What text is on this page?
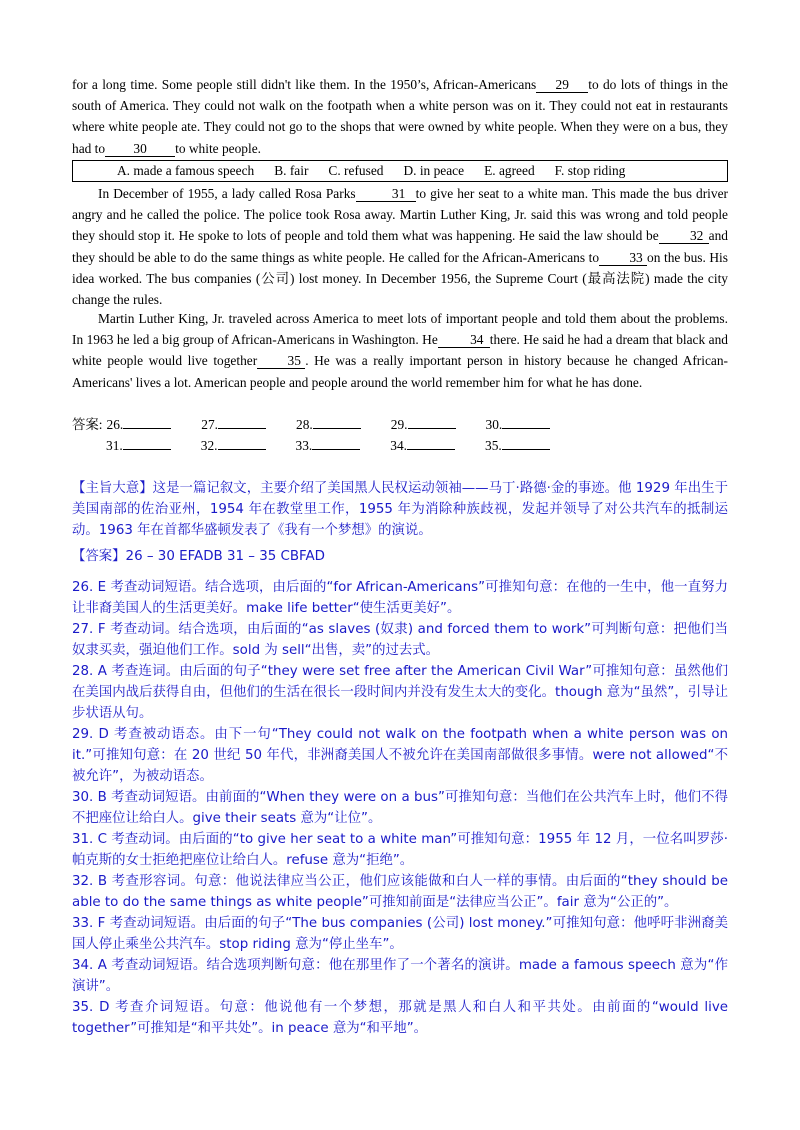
for a long time. Some people still didn't like them. In the 1950’s, African-Americans 29 to do lots of things in the south of America. They could not walk on the footpath when a white person was on it. They could not eat in restaurants where white people ate. They could not go to the shops that were owned by white people. When they were on a bus, they had to 30 to white people.

A. made a famous speech B. fair C. refused D. in peace E. agreed F. stop riding

In December of 1955, a lady called Rosa Parks	31 to give her seat to a white man. This made the bus driver angry and he called the police. The police took Rosa away. Martin Luther King, Jr. said this was wrong and told people they should stop it. He spoke to lots of people and told them what was happening. He said the law should be 32 and they should be able to do the same things as white people. He called for the African-Americans to 33 on the bus. His idea worked. The bus companies (公司) lost money. In December 1956, the Supreme Court (最高法院) made the city change the rules.

Martin Luther King, Jr. traveled across America to meet lots of important people and told them about the problems. In 1963 he led a big group of African-Americans in Washington. He 34 there. He said he had a dream that black and white people would live together 35 . He was a really important person in history because he changed African-Americans' lives a lot. American people and people around the world remember him for what he has done.

答案: 26.	27.	28.	29.	30.
31.	32.	33.	34.	35.

【主旨大意】这是一篇记叙文，主要介绍了美国黑人民权运动领袖——马丁·路德·金的事迹。他 1929 年出生于美国南部的佐治亚州，1954 年在教堂里工作，1955 年为消除种族歧视，发起并领导了对公共汽车的抵制运动。1963 年在首都华盛顿发表了《我有一个梦想》的演说。

【答案】26 – 30 EFADB 31 – 35 CBFAD

26. E 考查动词短语。结合选项，由后面的“for African-Americans”可推知句意：在他的一生中，他一直努力让非裔美国人的生活更美好。make life better“使生活更美好”。

27. F 考查动词。结合选项，由后面的“as slaves (奴隶) and forced them to work”可判断句意：把他们当奴隶买卖，强迫他们工作。sold 为 sell“出售，卖”的过去式。

28. A 考查连词。由后面的句子“they were set free after the American Civil War”可推知句意：虽然他们在美国内战后获得自由，但他们的生活在很长一段时间内并没有发生太大的变化。though 意为“虽然”，引导让步状语从句。

29. D 考查被动语态。由下一句“They could not walk on the footpath when a white person was on it.”可推知句意：在 20 世纪 50 年代，非洲裔美国人不被允许在美国南部做很多事情。were not allowed“不被允许”，为被动语态。

30. B 考查动词短语。由前面的“When they were on a bus”可推知句意：当他们在公共汽车上时，他们不得不把座位让给白人。give their seats 意为“让位”。

31. C 考查动词。由后面的“to give her seat to a white man”可推知句意：1955 年 12 月，一位名叫罗莎·帕克斯的女士拒绝把座位让给白人。refuse 意为“拒绝”。

32. B 考查形容词。句意：他说法律应当公正，他们应该能做和白人一样的事情。由后面的“they should be able to do the same things as white people”可推知前面是“法律应当公正”。fair 意为“公正的”。

33. F 考查动词短语。由后面的句子“The bus companies (公司) lost money.”可推知句意：他呼吁非洲裔美国人停止乘坐公共汽车。stop riding 意为“停止坐车”。

34. A 考查动词短语。结合选项判断句意：他在那里作了一个著名的演讲。made a famous speech 意为“作演讲”。

35. D 考查介词短语。句意：他说他有一个梦想，那就是黑人和白人和平共处。由前面的“would live together”可推知是“和平共处”。in peace 意为“和平地”。
